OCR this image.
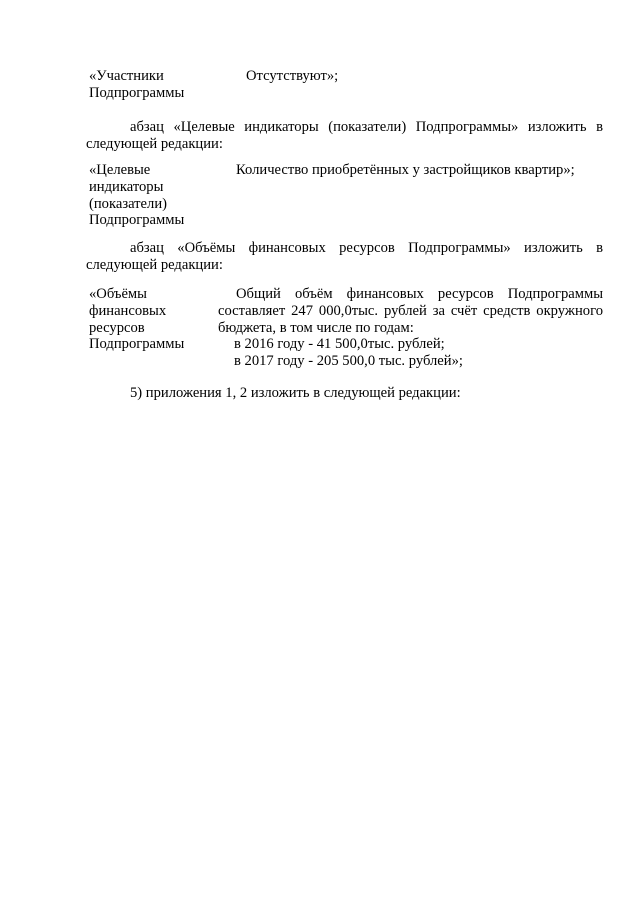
«Участники
Подпрограммы
Отсутствуют»;
абзац «Целевые индикаторы (показатели) Подпрограммы» изложить в следующей редакции:
«Целевые
индикаторы
(показатели)
Подпрограммы
Количество приобретённых у застройщиков квартир»;
абзац «Объёмы финансовых ресурсов Подпрограммы» изложить в следующей редакции:
«Объёмы
финансовых
ресурсов
Подпрограммы
Общий объём финансовых ресурсов Подпрограммы составляет 247 000,0тыс. рублей за счёт средств окружного бюджета, в том числе по годам:
в 2016 году - 41 500,0тыс. рублей;
в 2017 году - 205 500,0 тыс. рублей»;
5) приложения 1, 2 изложить в следующей редакции:
